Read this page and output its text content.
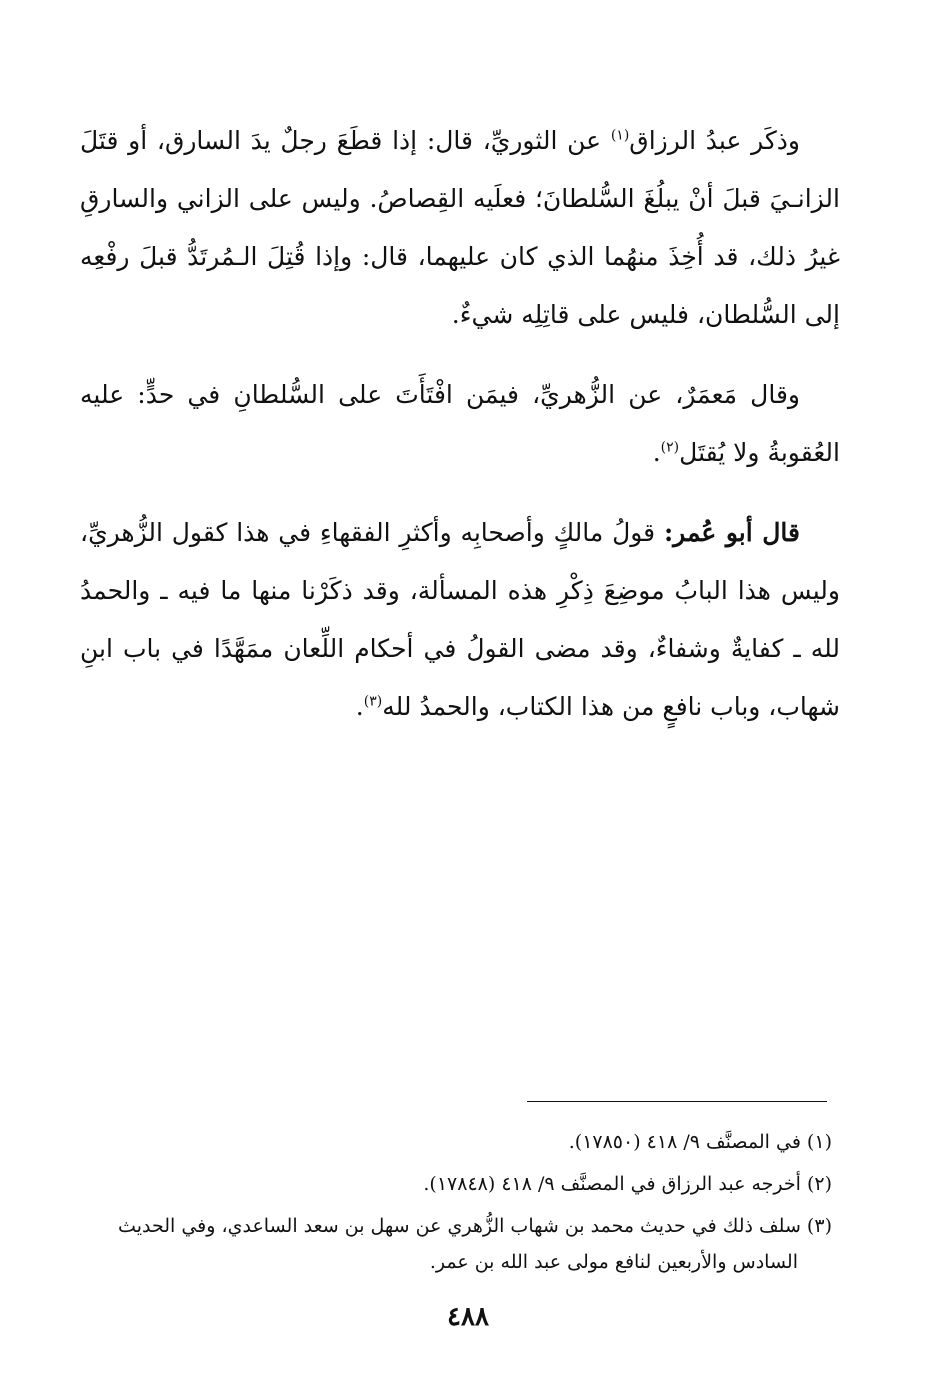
وذكَر عبدُ الرزاق$^{(١)}$ عن الثوريِّ، قال: إذا قطَعَ رجلٌ يدَ السارق، أو قتَلَ الزانـيَ قبلَ أنْ يبلُغَ السُّلطانَ؛ فعلَيه القِصاصُ. وليس على الزاني والسارقِ غيرُ ذلك، قد أُخِذَ منهُما الذي كان عليهما، قال: وإذا قُتِلَ الـمُرتَدُّ قبلَ رفْعِه إلى السُّلطان، فليس على قاتِلِه شيءٌ.

وقال مَعمَرٌ، عن الزُّهريِّ، فيمَن افْتَأَتَ على السُّلطانِ في حدٍّ: عليه العُقوبةُ ولا يُقتَل$^{(٢)}$.

قال أبو عُمر: قولُ مالكٍ وأصحابِه وأكثرِ الفقهاءِ في هذا كقول الزُّهريِّ، وليس هذا البابُ موضِعَ ذِكْرِ هذه المسألة، وقد ذكَرْنا منها ما فيه ـ والحمدُ لله ـ كفايةٌ وشفاءٌ، وقد مضى القولُ في أحكام اللِّعان ممَهَّدًا في باب ابنِ شهاب، وباب نافعٍ من هذا الكتاب، والحمدُ لله$^{(٣)}$.

(١) في المصنَّف ٩/ ٤١٨ (١٧٨٥٠).

(٢) أخرجه عبد الرزاق في المصنَّف ٩/ ٤١٨ (١٧٨٤٨).

(٣) سلف ذلك في حديث محمد بن شهاب الزُّهري عن سهل بن سعد الساعدي، وفي الحديث
السادس والأربعين لنافع مولى عبد الله بن عمر.

٤٨٨
